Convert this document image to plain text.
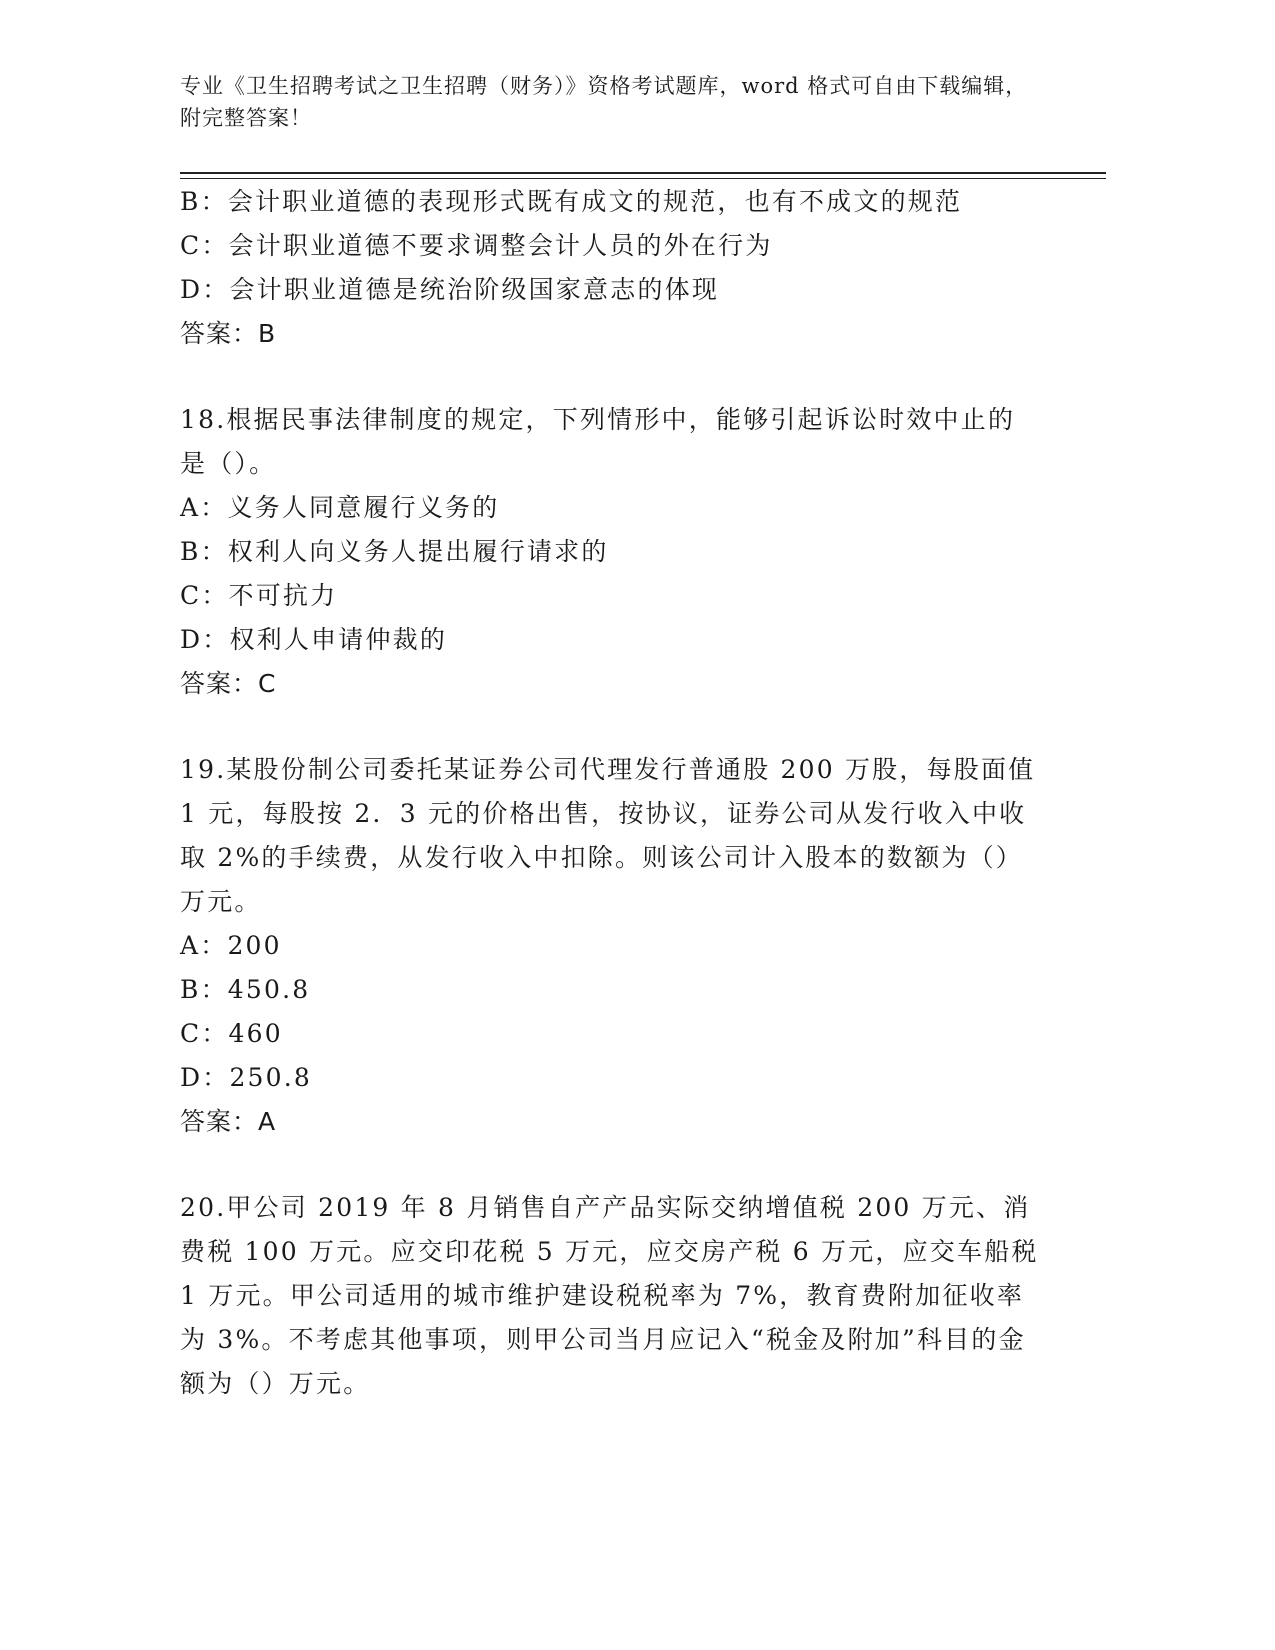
专业《卫生招聘考试之卫生招聘（财务）》资格考试题库，word 格式可自由下载编辑，附完整答案！

B：会计职业道德的表现形式既有成文的规范，也有不成文的规范

C：会计职业道德不要求调整会计人员的外在行为

D：会计职业道德是统治阶级国家意志的体现

答案：B

18.根据民事法律制度的规定，下列情形中，能够引起诉讼时效中止的是（）。

A：义务人同意履行义务的

B：权利人向义务人提出履行请求的

C：不可抗力

D：权利人申请仲裁的

答案：C

19.某股份制公司委托某证券公司代理发行普通股 200 万股，每股面值 1 元，每股按 2．3 元的价格出售，按协议，证券公司从发行收入中收取 2%的手续费，从发行收入中扣除。则该公司计入股本的数额为（）万元。

A：200

B：450.8

C：460

D：250.8

答案：A

20.甲公司 2019 年 8 月销售自产产品实际交纳增值税 200 万元、消费税 100 万元。应交印花税 5 万元，应交房产税 6 万元，应交车船税 1 万元。甲公司适用的城市维护建设税税率为 7%，教育费附加征收率为 3%。不考虑其他事项，则甲公司当月应记入“税金及附加”科目的金额为（）万元。
